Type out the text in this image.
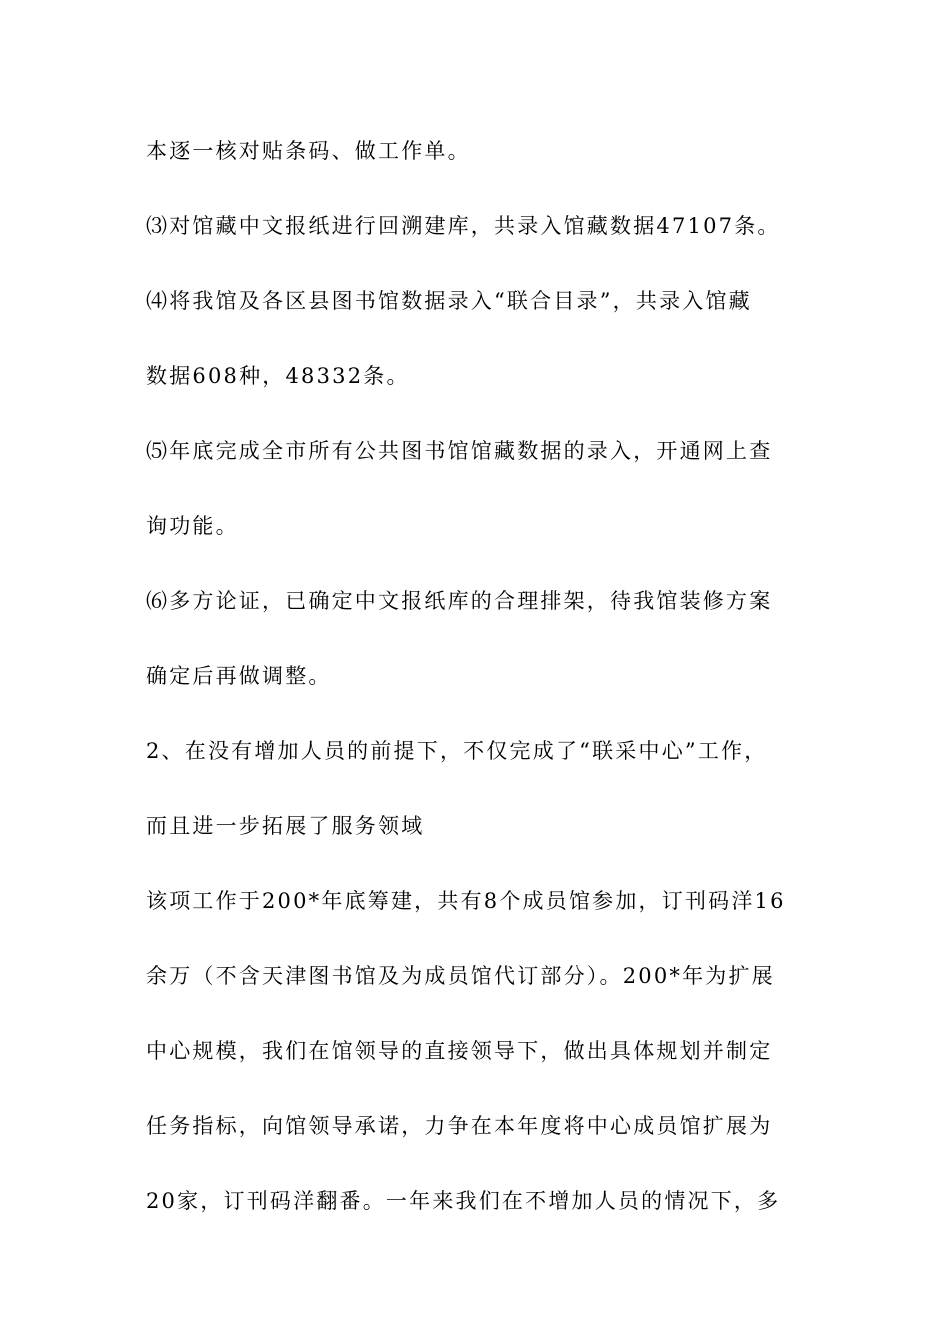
本逐一核对贴条码、做工作单。
⑶对馆藏中文报纸进行回溯建库，共录入馆藏数据47107条。
⑷将我馆及各区县图书馆数据录入“联合目录”，共录入馆藏
数据608种，48332条。
⑸年底完成全市所有公共图书馆馆藏数据的录入，开通网上查
询功能。
⑹多方论证，已确定中文报纸库的合理排架，待我馆装修方案
确定后再做调整。
2、在没有增加人员的前提下，不仅完成了“联采中心”工作，
而且进一步拓展了服务领域
该项工作于200*年底筹建，共有8个成员馆参加，订刊码洋16
余万（不含天津图书馆及为成员馆代订部分）。200*年为扩展
中心规模，我们在馆领导的直接领导下，做出具体规划并制定
任务指标，向馆领导承诺，力争在本年度将中心成员馆扩展为
20家，订刊码洋翻番。一年来我们在不增加人员的情况下，多
